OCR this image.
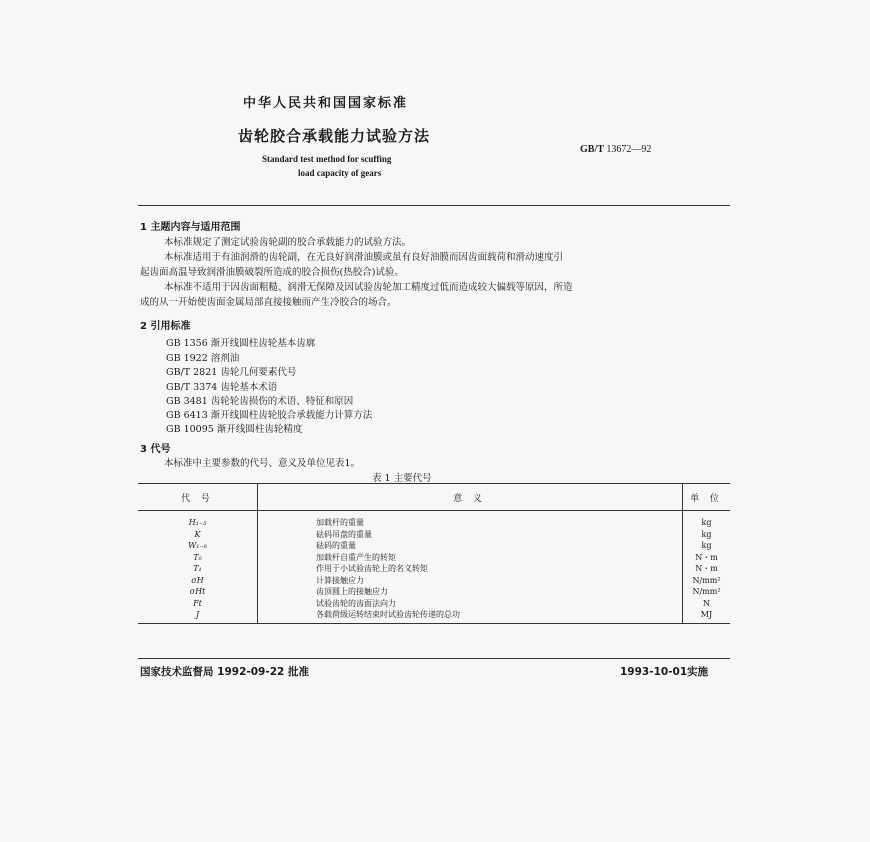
中华人民共和国国家标准
齿轮胶合承载能力试验方法
Standard test method for scuffing
load capacity of gears
GB/T 13672—92
1 主题内容与适用范围
本标准规定了测定试验齿轮副的胶合承载能力的试验方法。
本标准适用于有油润滑的齿轮副，在无良好润滑油膜或虽有良好油膜而因齿面载荷和滑动速度引
起齿面高温导致润滑油膜破裂所造成的胶合损伤(热胶合)试验。
本标准不适用于因齿面粗糙、润滑无保障及因试验齿轮加工精度过低而造成较大偏载等原因，所造
成的从一开始使齿面金属局部直接接触而产生冷胶合的场合。
2 引用标准
GB 1356 渐开线圆柱齿轮基本齿廓
GB 1922 溶剂油
GB/T 2821 齿轮几何要素代号
GB/T 3374 齿轮基本术语
GB 3481 齿轮轮齿损伤的术语、特征和原因
GB 6413 渐开线圆柱齿轮胶合承载能力计算方法
GB 10095 渐开线圆柱齿轮精度
3 代号
本标准中主要参数的代号、意义及单位见表1。
表 1 主要代号
代 号	意 义	单 位
H₁₋₅	加载杆的重量	kg
K	砝码吊盘的重量	kg
W₁₋₆	砝码的重量	kg
T₀	加载杆自重产生的转矩	N・m
T₁	作用于小试验齿轮上的名义转矩	N・m
σH	计算接触应力	N/mm²
σHt	齿顶圆上的接触应力	N/mm²
Ft	试验齿轮的齿面法向力	N
J	各载荷级运转结束时试验齿轮传递的总功	MJ
国家技术监督局 1992-09-22 批准	1993-10-01实施
